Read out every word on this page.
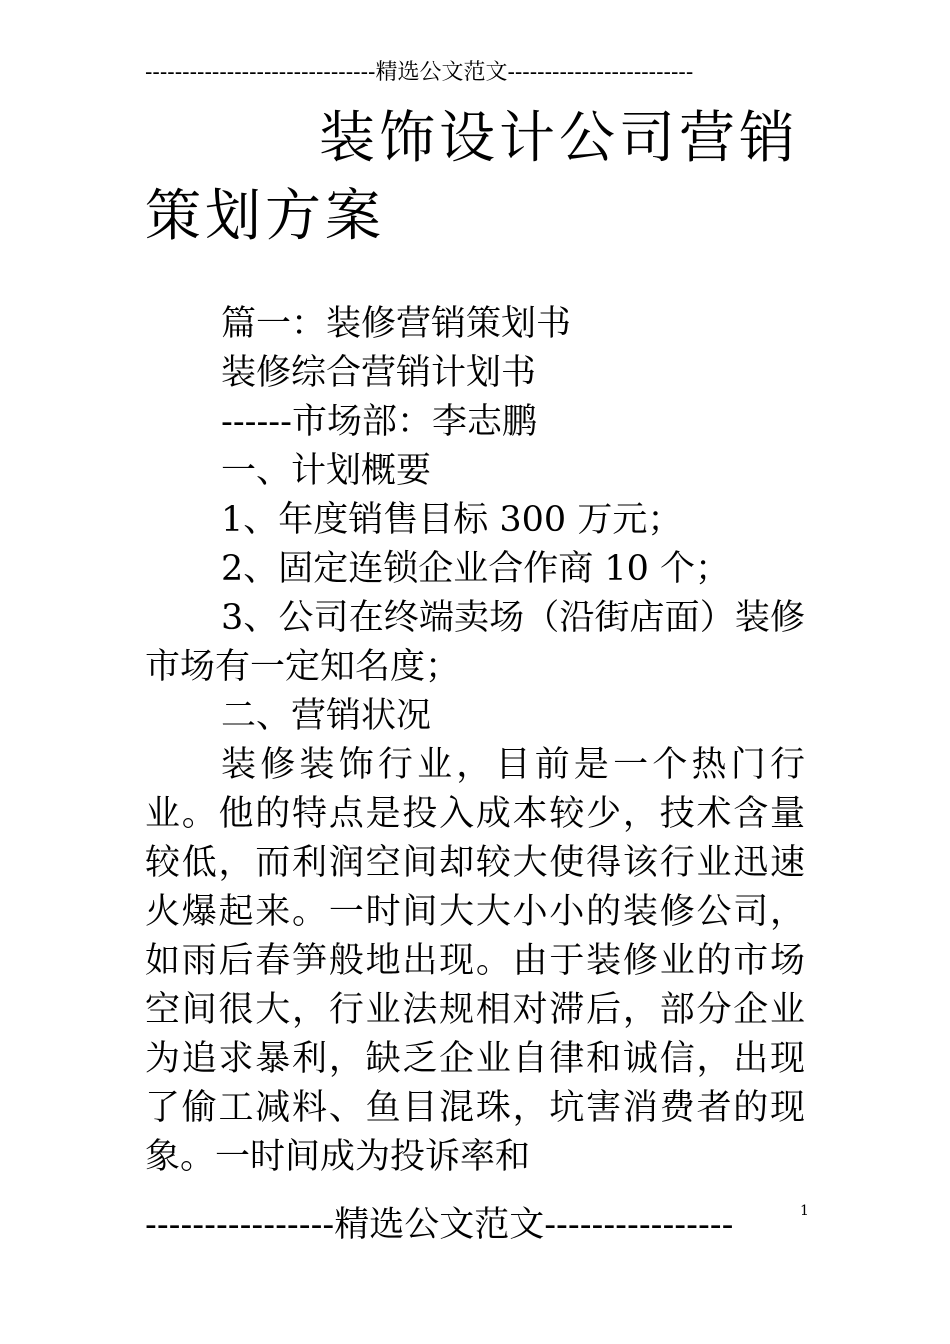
-------------------------------精选公文范文-------------------------
装饰设计公司营销
策划方案

篇一：装修营销策划书

装修综合营销计划书

------市场部：李志鹏

一、计划概要

1、年度销售目标 300 万元；

2、固定连锁企业合作商 10 个；

3、公司在终端卖场（沿街店面）装修市场有一定知名度；

二、营销状况

装修装饰行业，目前是一个热门行业。他的特点是投入成本较少，技术含量较低，而利润空间却较大使得该行业迅速火爆起来。一时间大大小小的装修公司，如雨后春笋般地出现。由于装修业的市场空间很大，行业法规相对滞后，部分企业为追求暴利，缺乏企业自律和诚信，出现了偷工减料、鱼目混珠，坑害消费者的现象。一时间成为投诉率和

----------------精选公文范文----------------	1
